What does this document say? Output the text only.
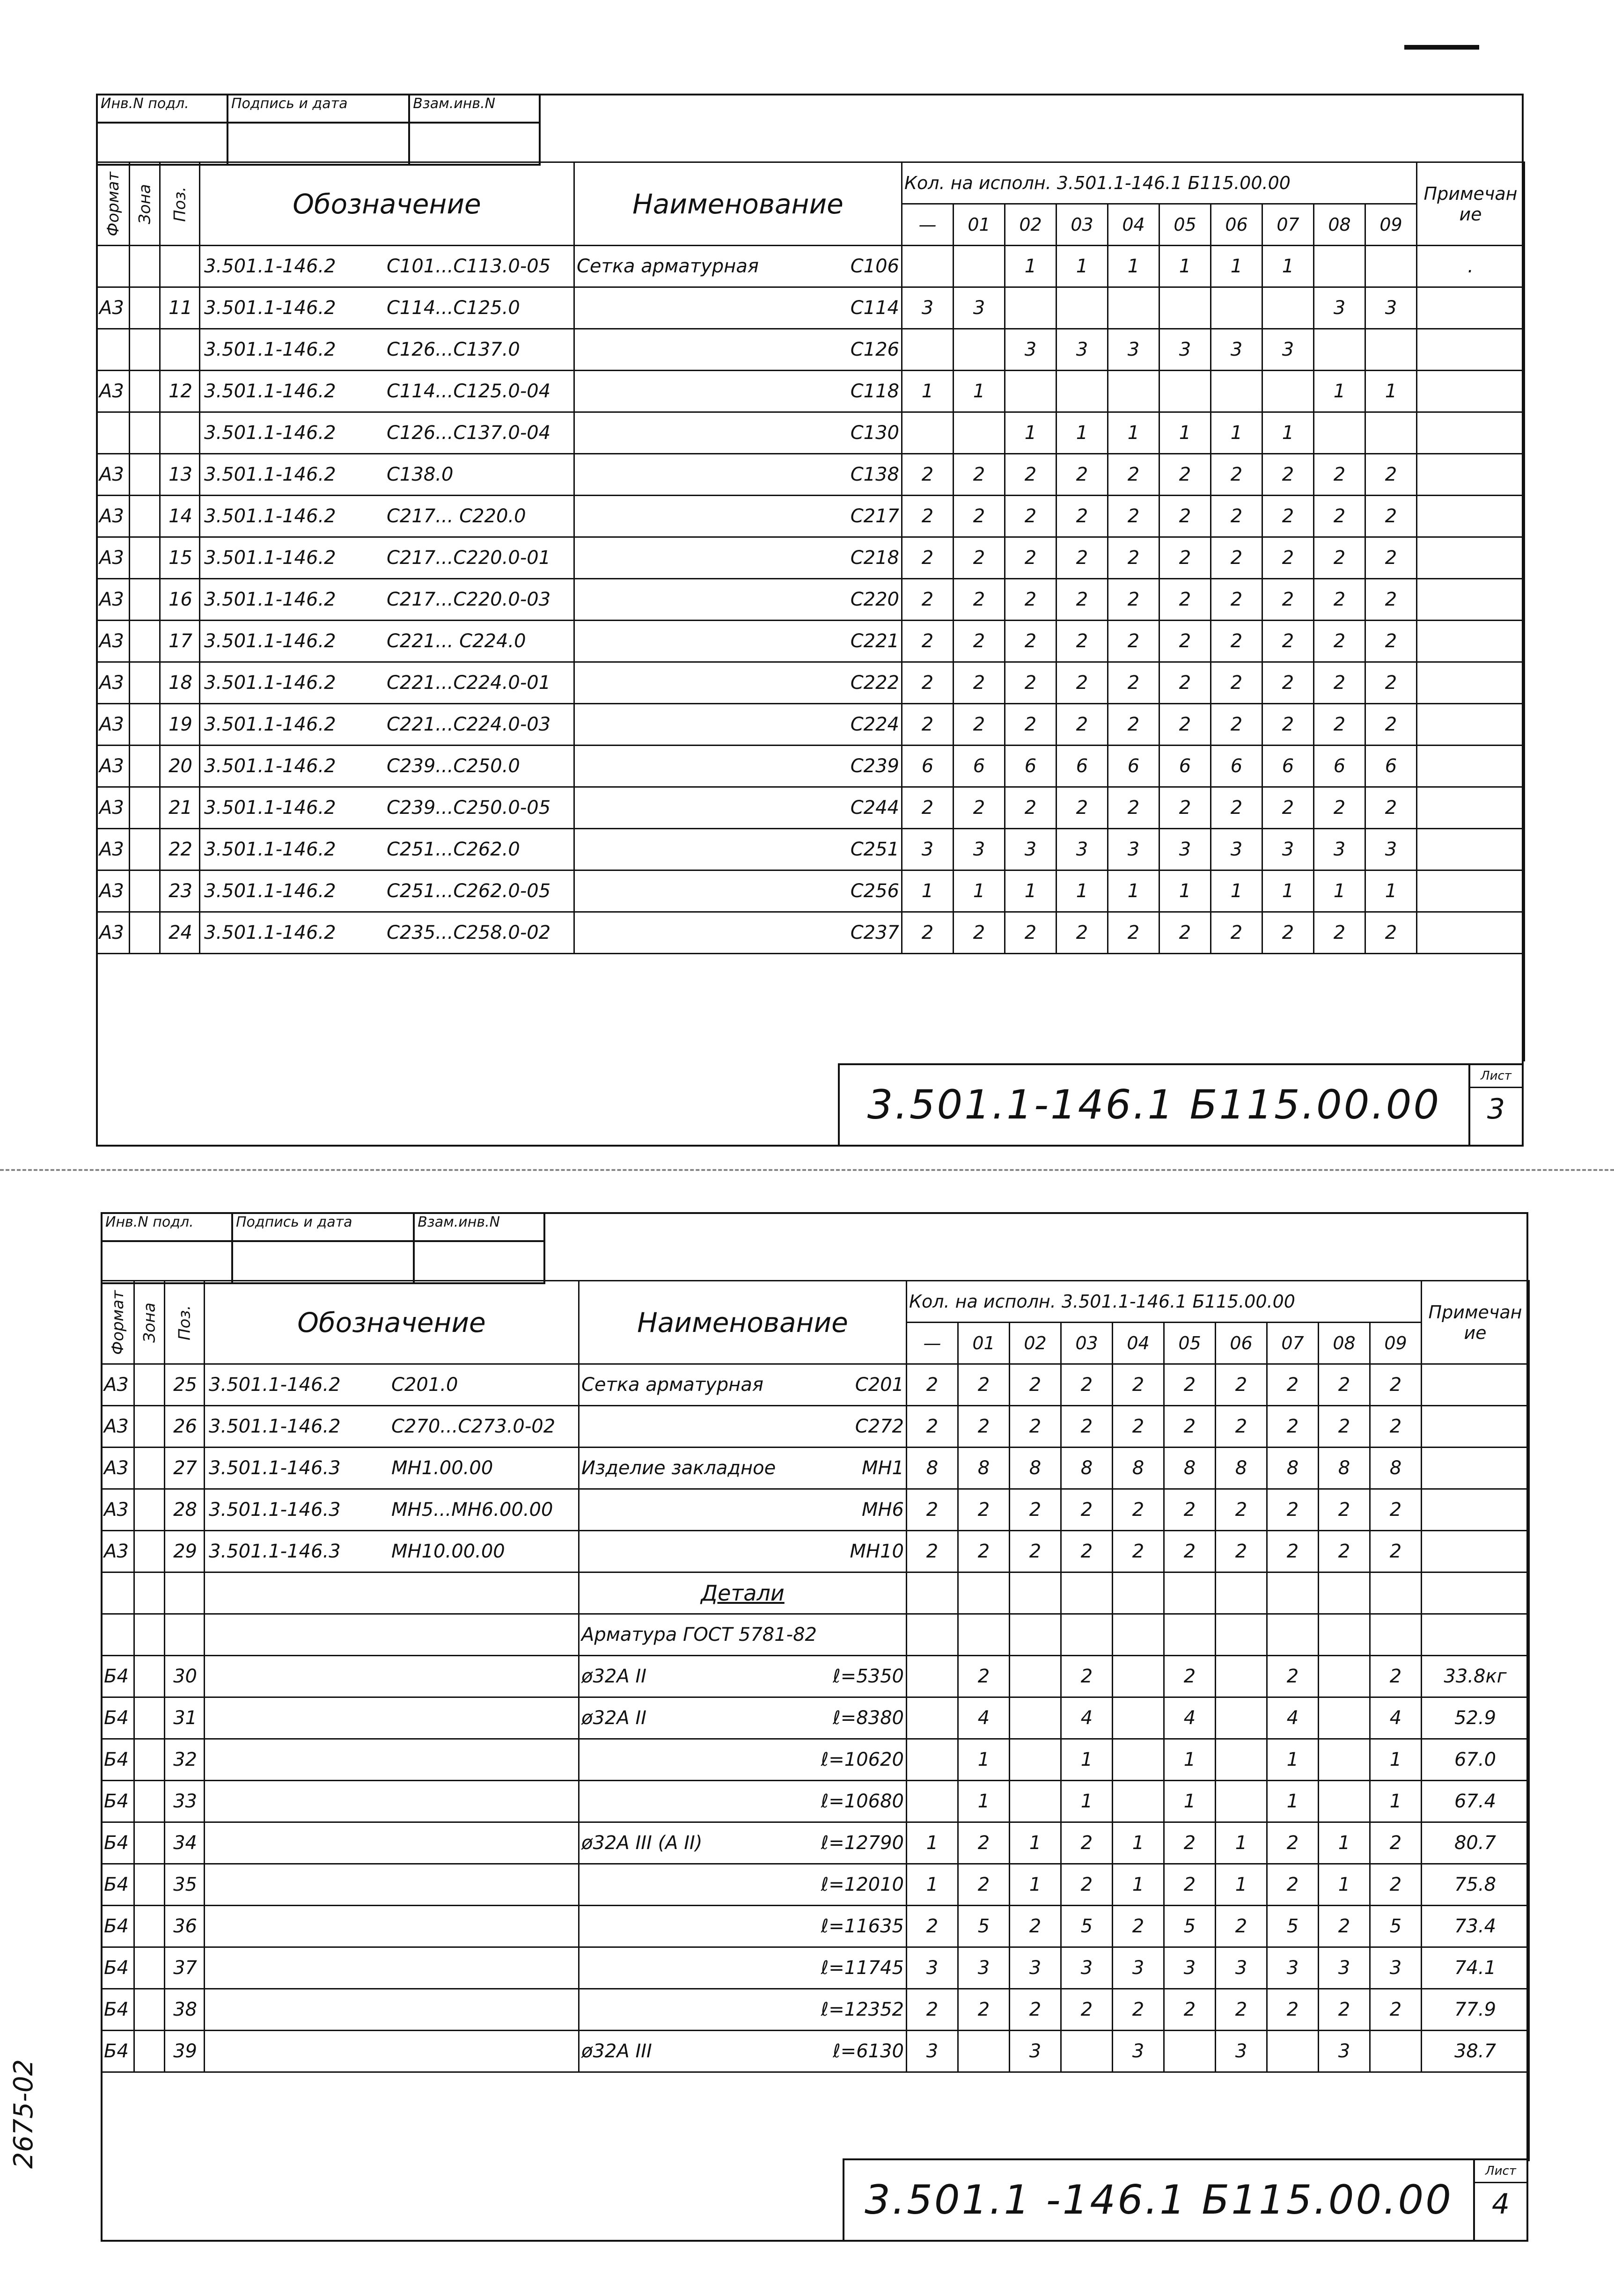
2675-02
Инв.N подл.	Подпись и дата	Взам.инв.N

Формат	Зона	Поз.	Обозначение	Наименование	Кол. на исполн. 3.501.1-146.1 Б115.00.00										Примечание
					—	01	02	03	04	05	06	07	08	09	
			3.501.1-146.2 С101...С113.0-05	Сетка арматурная С106			1	1	1	1	1	1			.
А3		11	3.501.1-146.2 С114...С125.0	С114	3	3							3	3	
			3.501.1-146.2 С126...С137.0	С126			3	3	3	3	3	3			
А3		12	3.501.1-146.2 С114...С125.0-04	С118	1	1							1	1	
			3.501.1-146.2 С126...С137.0-04	С130			1	1	1	1	1	1			
А3		13	3.501.1-146.2 С138.0	С138	2	2	2	2	2	2	2	2	2	2	
А3		14	3.501.1-146.2 С217... С220.0	С217	2	2	2	2	2	2	2	2	2	2	
А3		15	3.501.1-146.2 С217...С220.0-01	С218	2	2	2	2	2	2	2	2	2	2	
А3		16	3.501.1-146.2 С217...С220.0-03	С220	2	2	2	2	2	2	2	2	2	2	
А3		17	3.501.1-146.2 С221... С224.0	С221	2	2	2	2	2	2	2	2	2	2	
А3		18	3.501.1-146.2 С221...С224.0-01	С222	2	2	2	2	2	2	2	2	2	2	
А3		19	3.501.1-146.2 С221...С224.0-03	С224	2	2	2	2	2	2	2	2	2	2	
А3		20	3.501.1-146.2 С239...С250.0	С239	6	6	6	6	6	6	6	6	6	6	
А3		21	3.501.1-146.2 С239...С250.0-05	С244	2	2	2	2	2	2	2	2	2	2	
А3		22	3.501.1-146.2 С251...С262.0	С251	3	3	3	3	3	3	3	3	3	3	
А3		23	3.501.1-146.2 С251...С262.0-05	С256	1	1	1	1	1	1	1	1	1	1	
А3		24	3.501.1-146.2 С235...С258.0-02	С237	2	2	2	2	2	2	2	2	2	2	

3.501.1-146.1 Б115.00.00
Лист
3
Инв.N подл.	Подпись и дата	Взам.инв.N

Формат	Зона	Поз.	Обозначение	Наименование	Кол. на исполн. 3.501.1-146.1 Б115.00.00										Примечание
					—	01	02	03	04	05	06	07	08	09	
А3		25	3.501.1-146.2 С201.0	Сетка арматурная С201	2	2	2	2	2	2	2	2	2	2	
А3		26	3.501.1-146.2 С270...С273.0-02	С272	2	2	2	2	2	2	2	2	2	2	
А3		27	3.501.1-146.3 МН1.00.00	Изделие закладное МН1	8	8	8	8	8	8	8	8	8	8	
А3		28	3.501.1-146.3 МН5...МН6.00.00	МН6	2	2	2	2	2	2	2	2	2	2	
А3		29	3.501.1-146.3 МН10.00.00	МН10	2	2	2	2	2	2	2	2	2	2	

				Детали											

				Арматура ГОСТ 5781-82											

Б4		30		ø32А II ℓ=5350		2		2		2		2		2	33.8кг
Б4		31		ø32А II ℓ=8380		4		4		4		4		4	52.9
Б4		32		ℓ=10620		1		1		1		1		1	67.0
Б4		33		ℓ=10680		1		1		1		1		1	67.4
Б4		34		ø32А III (А II) ℓ=12790	1	2	1	2	1	2	1	2	1	2	80.7
Б4		35		ℓ=12010	1	2	1	2	1	2	1	2	1	2	75.8
Б4		36		ℓ=11635	2	5	2	5	2	5	2	5	2	5	73.4
Б4		37		ℓ=11745	3	3	3	3	3	3	3	3	3	3	74.1
Б4		38		ℓ=12352	2	2	2	2	2	2	2	2	2	2	77.9
Б4		39		ø32А III ℓ=6130	3		3		3		3		3		38.7

3.501.1 -146.1 Б115.00.00
Лист
4
